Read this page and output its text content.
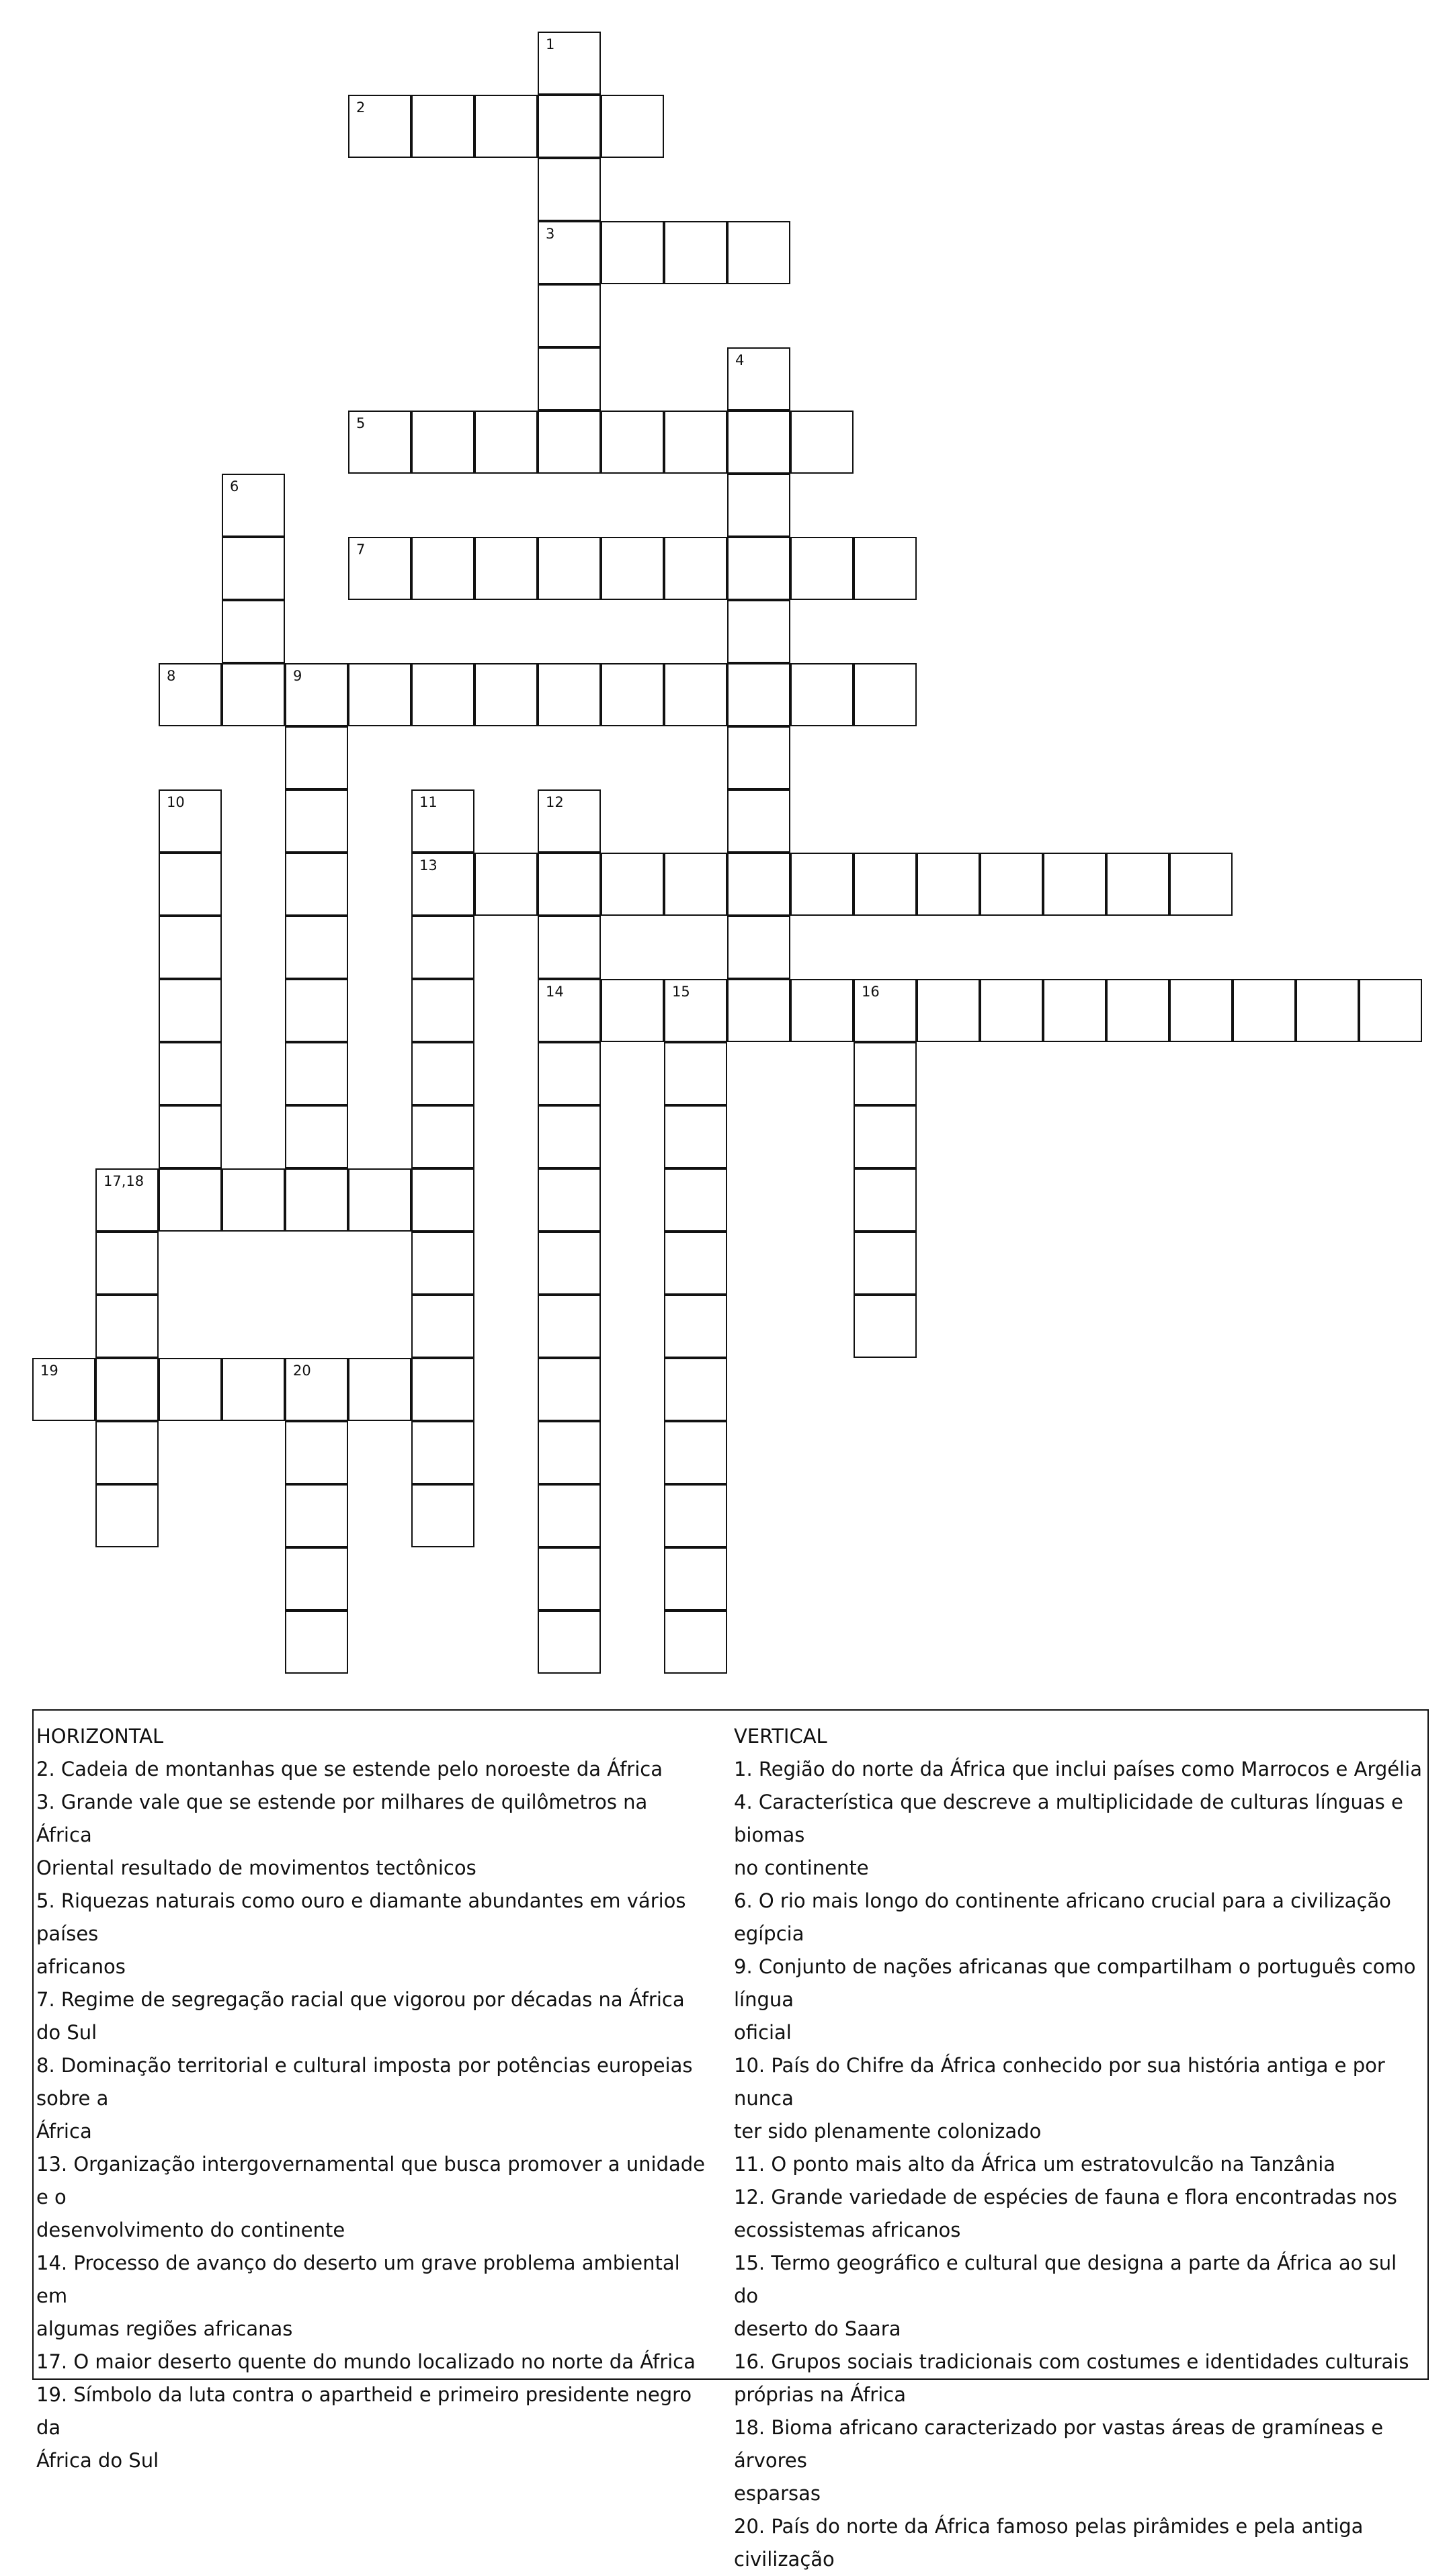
1
2
3
4
5
6
7
8	9
10	11	12
13
14	15	16
17,18
19	20
HORIZONTAL
2. Cadeia de montanhas que se estende pelo noroeste da África
3. Grande vale que se estende por milhares de quilômetros na África
Oriental resultado de movimentos tectônicos
5. Riquezas naturais como ouro e diamante abundantes em vários países
africanos
7. Regime de segregação racial que vigorou por décadas na África do Sul
8. Dominação territorial e cultural imposta por potências europeias sobre a
África
13. Organização intergovernamental que busca promover a unidade e o
desenvolvimento do continente
14. Processo de avanço do deserto um grave problema ambiental em
algumas regiões africanas
17. O maior deserto quente do mundo localizado no norte da África
19. Símbolo da luta contra o apartheid e primeiro presidente negro da
África do Sul
VERTICAL
1. Região do norte da África que inclui países como Marrocos e Argélia
4. Característica que descreve a multiplicidade de culturas línguas e biomas
no continente
6. O rio mais longo do continente africano crucial para a civilização egípcia
9. Conjunto de nações africanas que compartilham o português como língua
oficial
10. País do Chifre da África conhecido por sua história antiga e por nunca
ter sido plenamente colonizado
11. O ponto mais alto da África um estratovulcão na Tanzânia
12. Grande variedade de espécies de fauna e flora encontradas nos
ecossistemas africanos
15. Termo geográfico e cultural que designa a parte da África ao sul do
deserto do Saara
16. Grupos sociais tradicionais com costumes e identidades culturais
próprias na África
18. Bioma africano caracterizado por vastas áreas de gramíneas e árvores
esparsas
20. País do norte da África famoso pelas pirâmides e pela antiga civilização
